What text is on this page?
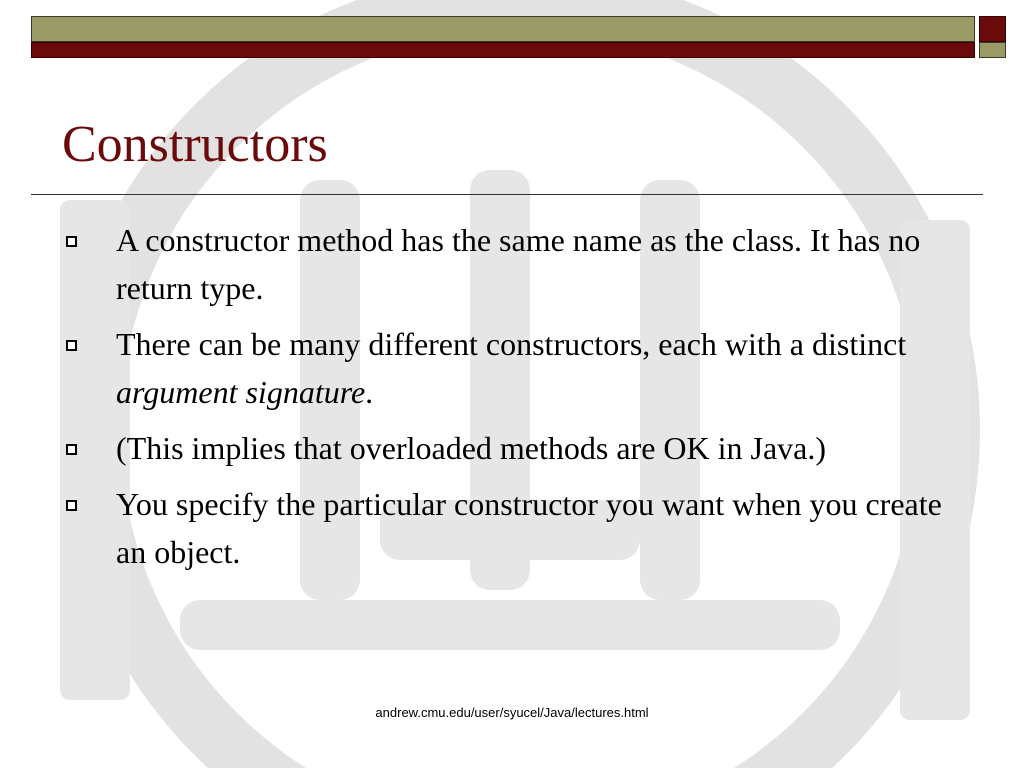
Constructors
A constructor method has the same name as the class. It has no return type.
There can be many different constructors, each with a distinct argument signature.
(This implies that overloaded methods are OK in Java.)
You specify the particular constructor you want when you create an object.
andrew.cmu.edu/user/syucel/Java/lectures.html
